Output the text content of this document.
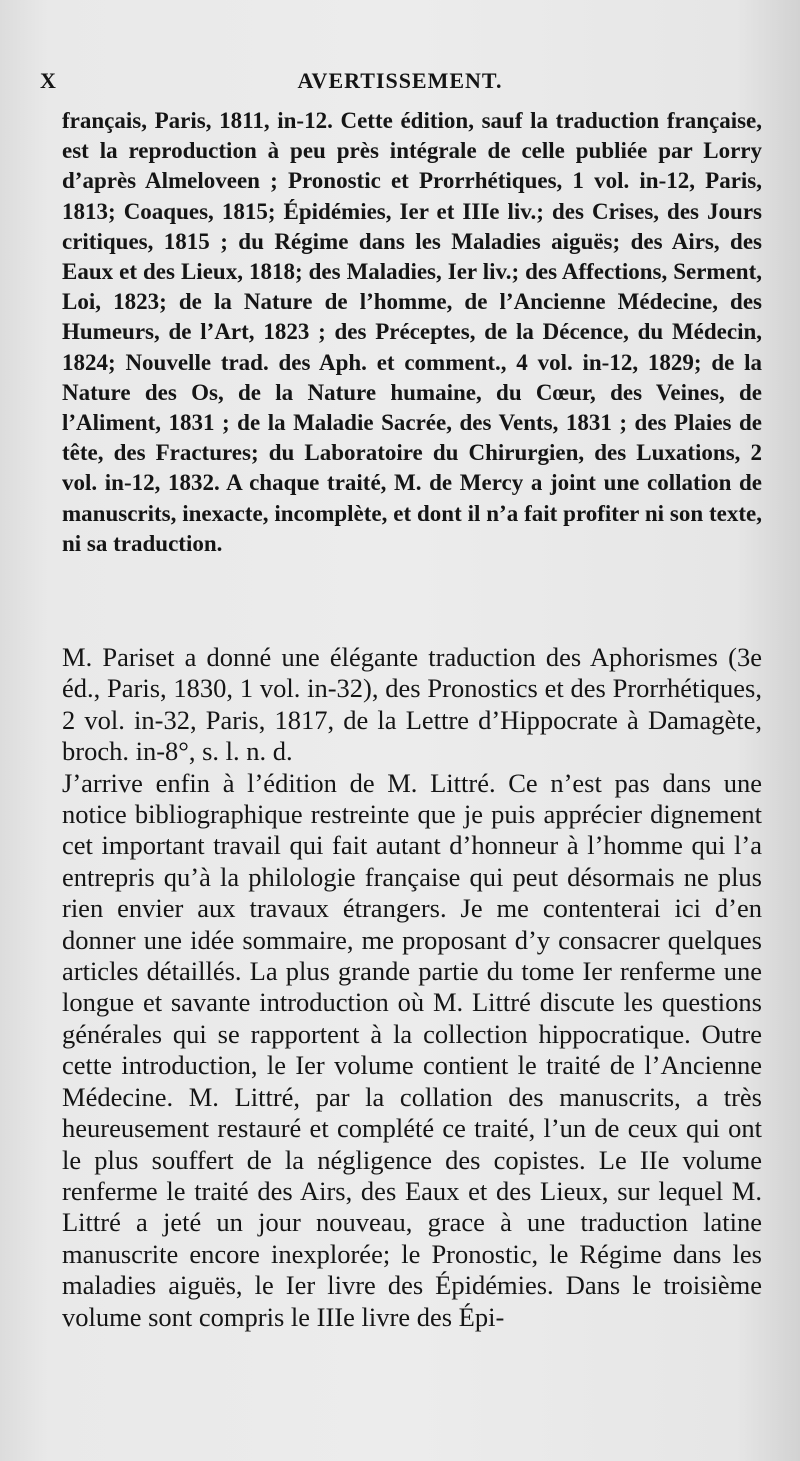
X	AVERTISSEMENT.

français, Paris, 1811, in-12. Cette édition, sauf la traduction française, est la reproduction à peu près intégrale de celle publiée par Lorry d’après Almeloveen ; Pronostic et Prorrhétiques, 1 vol. in-12, Paris, 1813; Coaques, 1815; Épidémies, Ier et IIIe liv.; des Crises, des Jours critiques, 1815 ; du Régime dans les Maladies aiguës; des Airs, des Eaux et des Lieux, 1818; des Maladies, Ier liv.; des Affections, Serment, Loi, 1823; de la Nature de l’homme, de l’Ancienne Médecine, des Humeurs, de l’Art, 1823 ; des Préceptes, de la Décence, du Médecin, 1824; Nouvelle trad. des Aph. et comment., 4 vol. in-12, 1829; de la Nature des Os, de la Nature humaine, du Cœur, des Veines, de l’Aliment, 1831 ; de la Maladie Sacrée, des Vents, 1831 ; des Plaies de tête, des Fractures; du Laboratoire du Chirurgien, des Luxations, 2 vol. in-12, 1832. A chaque traité, M. de Mercy a joint une collation de manuscrits, inexacte, incomplète, et dont il n’a fait profiter ni son texte, ni sa traduction.

M. Pariset a donné une élégante traduction des Aphorismes (3e éd., Paris, 1830, 1 vol. in-32), des Pronostics et des Prorrhétiques, 2 vol. in-32, Paris, 1817, de la Lettre d’Hippocrate à Damagète, broch. in-8°, s. l. n. d.

J’arrive enfin à l’édition de M. Littré. Ce n’est pas dans une notice bibliographique restreinte que je puis apprécier dignement cet important travail qui fait autant d’honneur à l’homme qui l’a entrepris qu’à la philologie française qui peut désormais ne plus rien envier aux travaux étrangers. Je me contenterai ici d’en donner une idée sommaire, me proposant d’y consacrer quelques articles détaillés. La plus grande partie du tome Ier renferme une longue et savante introduction où M. Littré discute les questions générales qui se rapportent à la collection hippocratique. Outre cette introduction, le Ier volume contient le traité de l’Ancienne Médecine. M. Littré, par la collation des manuscrits, a très heureusement restauré et complété ce traité, l’un de ceux qui ont le plus souffert de la négligence des copistes. Le IIe volume renferme le traité des Airs, des Eaux et des Lieux, sur lequel M. Littré a jeté un jour nouveau, grace à une traduction latine manuscrite encore inexplorée; le Pronostic, le Régime dans les maladies aiguës, le Ier livre des Épidémies. Dans le troisième volume sont compris le IIIe livre des Épi-
